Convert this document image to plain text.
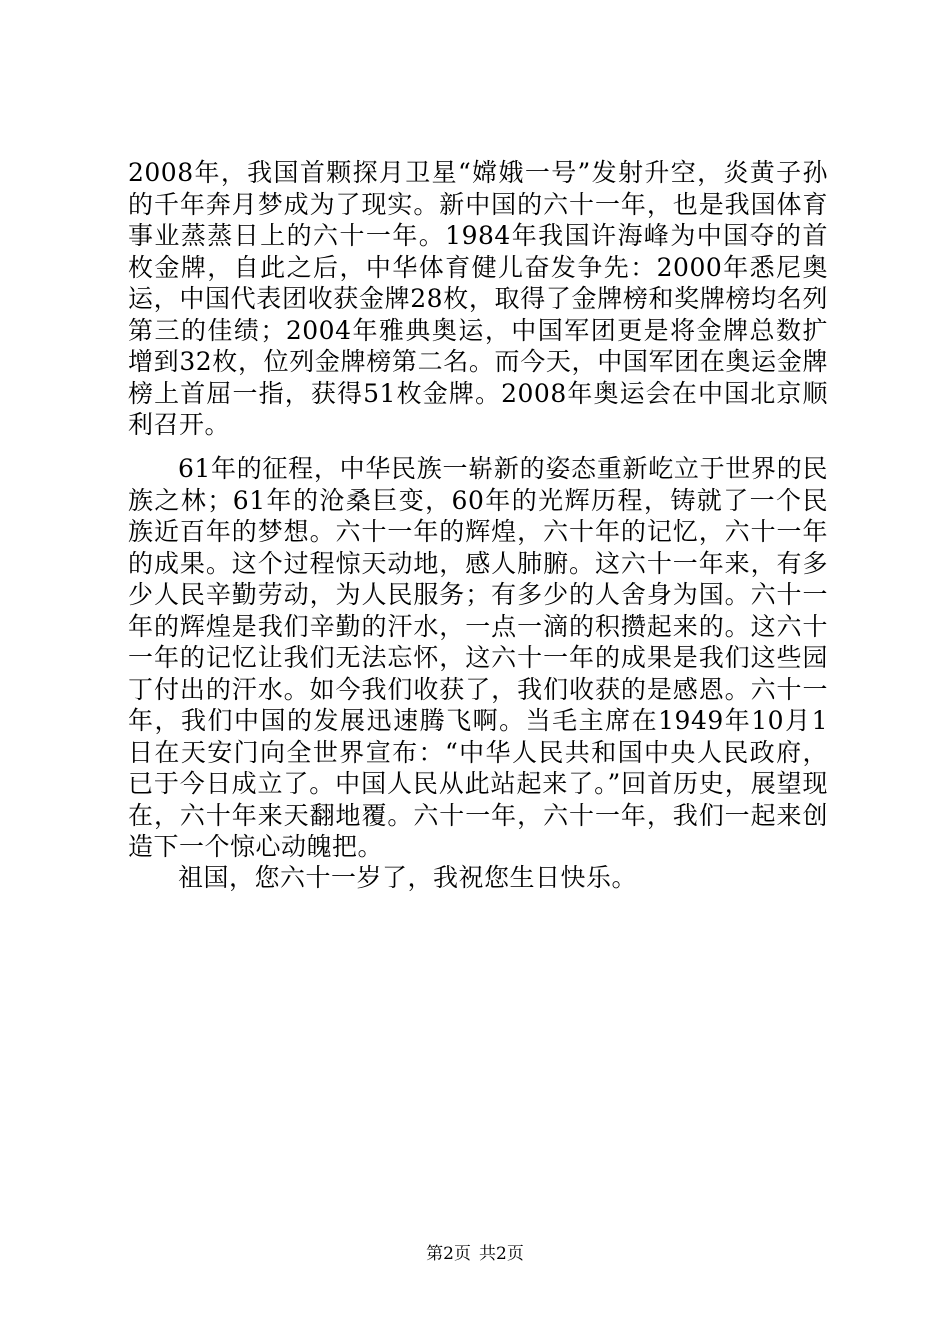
2008年，我国首颗探月卫星“嫦娥一号”发射升空，炎黄子孙的千年奔月梦成为了现实。新中国的六十一年，也是我国体育事业蒸蒸日上的六十一年。1984年我国许海峰为中国夺的首枚金牌，自此之后，中华体育健儿奋发争先：2000年悉尼奥运，中国代表团收获金牌28枚，取得了金牌榜和奖牌榜均名列第三的佳绩；2004年雅典奥运，中国军团更是将金牌总数扩增到32枚，位列金牌榜第二名。而今天，中国军团在奥运金牌榜上首屈一指，获得51枚金牌。2008年奥运会在中国北京顺利召开。

61年的征程，中华民族一崭新的姿态重新屹立于世界的民族之林；61年的沧桑巨变，60年的光辉历程，铸就了一个民族近百年的梦想。六十一年的辉煌，六十年的记忆，六十一年的成果。这个过程惊天动地，感人肺腑。这六十一年来，有多少人民辛勤劳动，为人民服务；有多少的人舍身为国。六十一年的辉煌是我们辛勤的汗水，一点一滴的积攒起来的。这六十一年的记忆让我们无法忘怀，这六十一年的成果是我们这些园丁付出的汗水。如今我们收获了，我们收获的是感恩。六十一年，我们中国的发展迅速腾飞啊。当毛主席在1949年10月1日在天安门向全世界宣布：“中华人民共和国中央人民政府，已于今日成立了。中国人民从此站起来了。”回首历史，展望现在，六十年来天翻地覆。六十一年，六十一年，我们一起来创造下一个惊心动魄把。

祖国，您六十一岁了，我祝您生日快乐。

第2页 共2页
